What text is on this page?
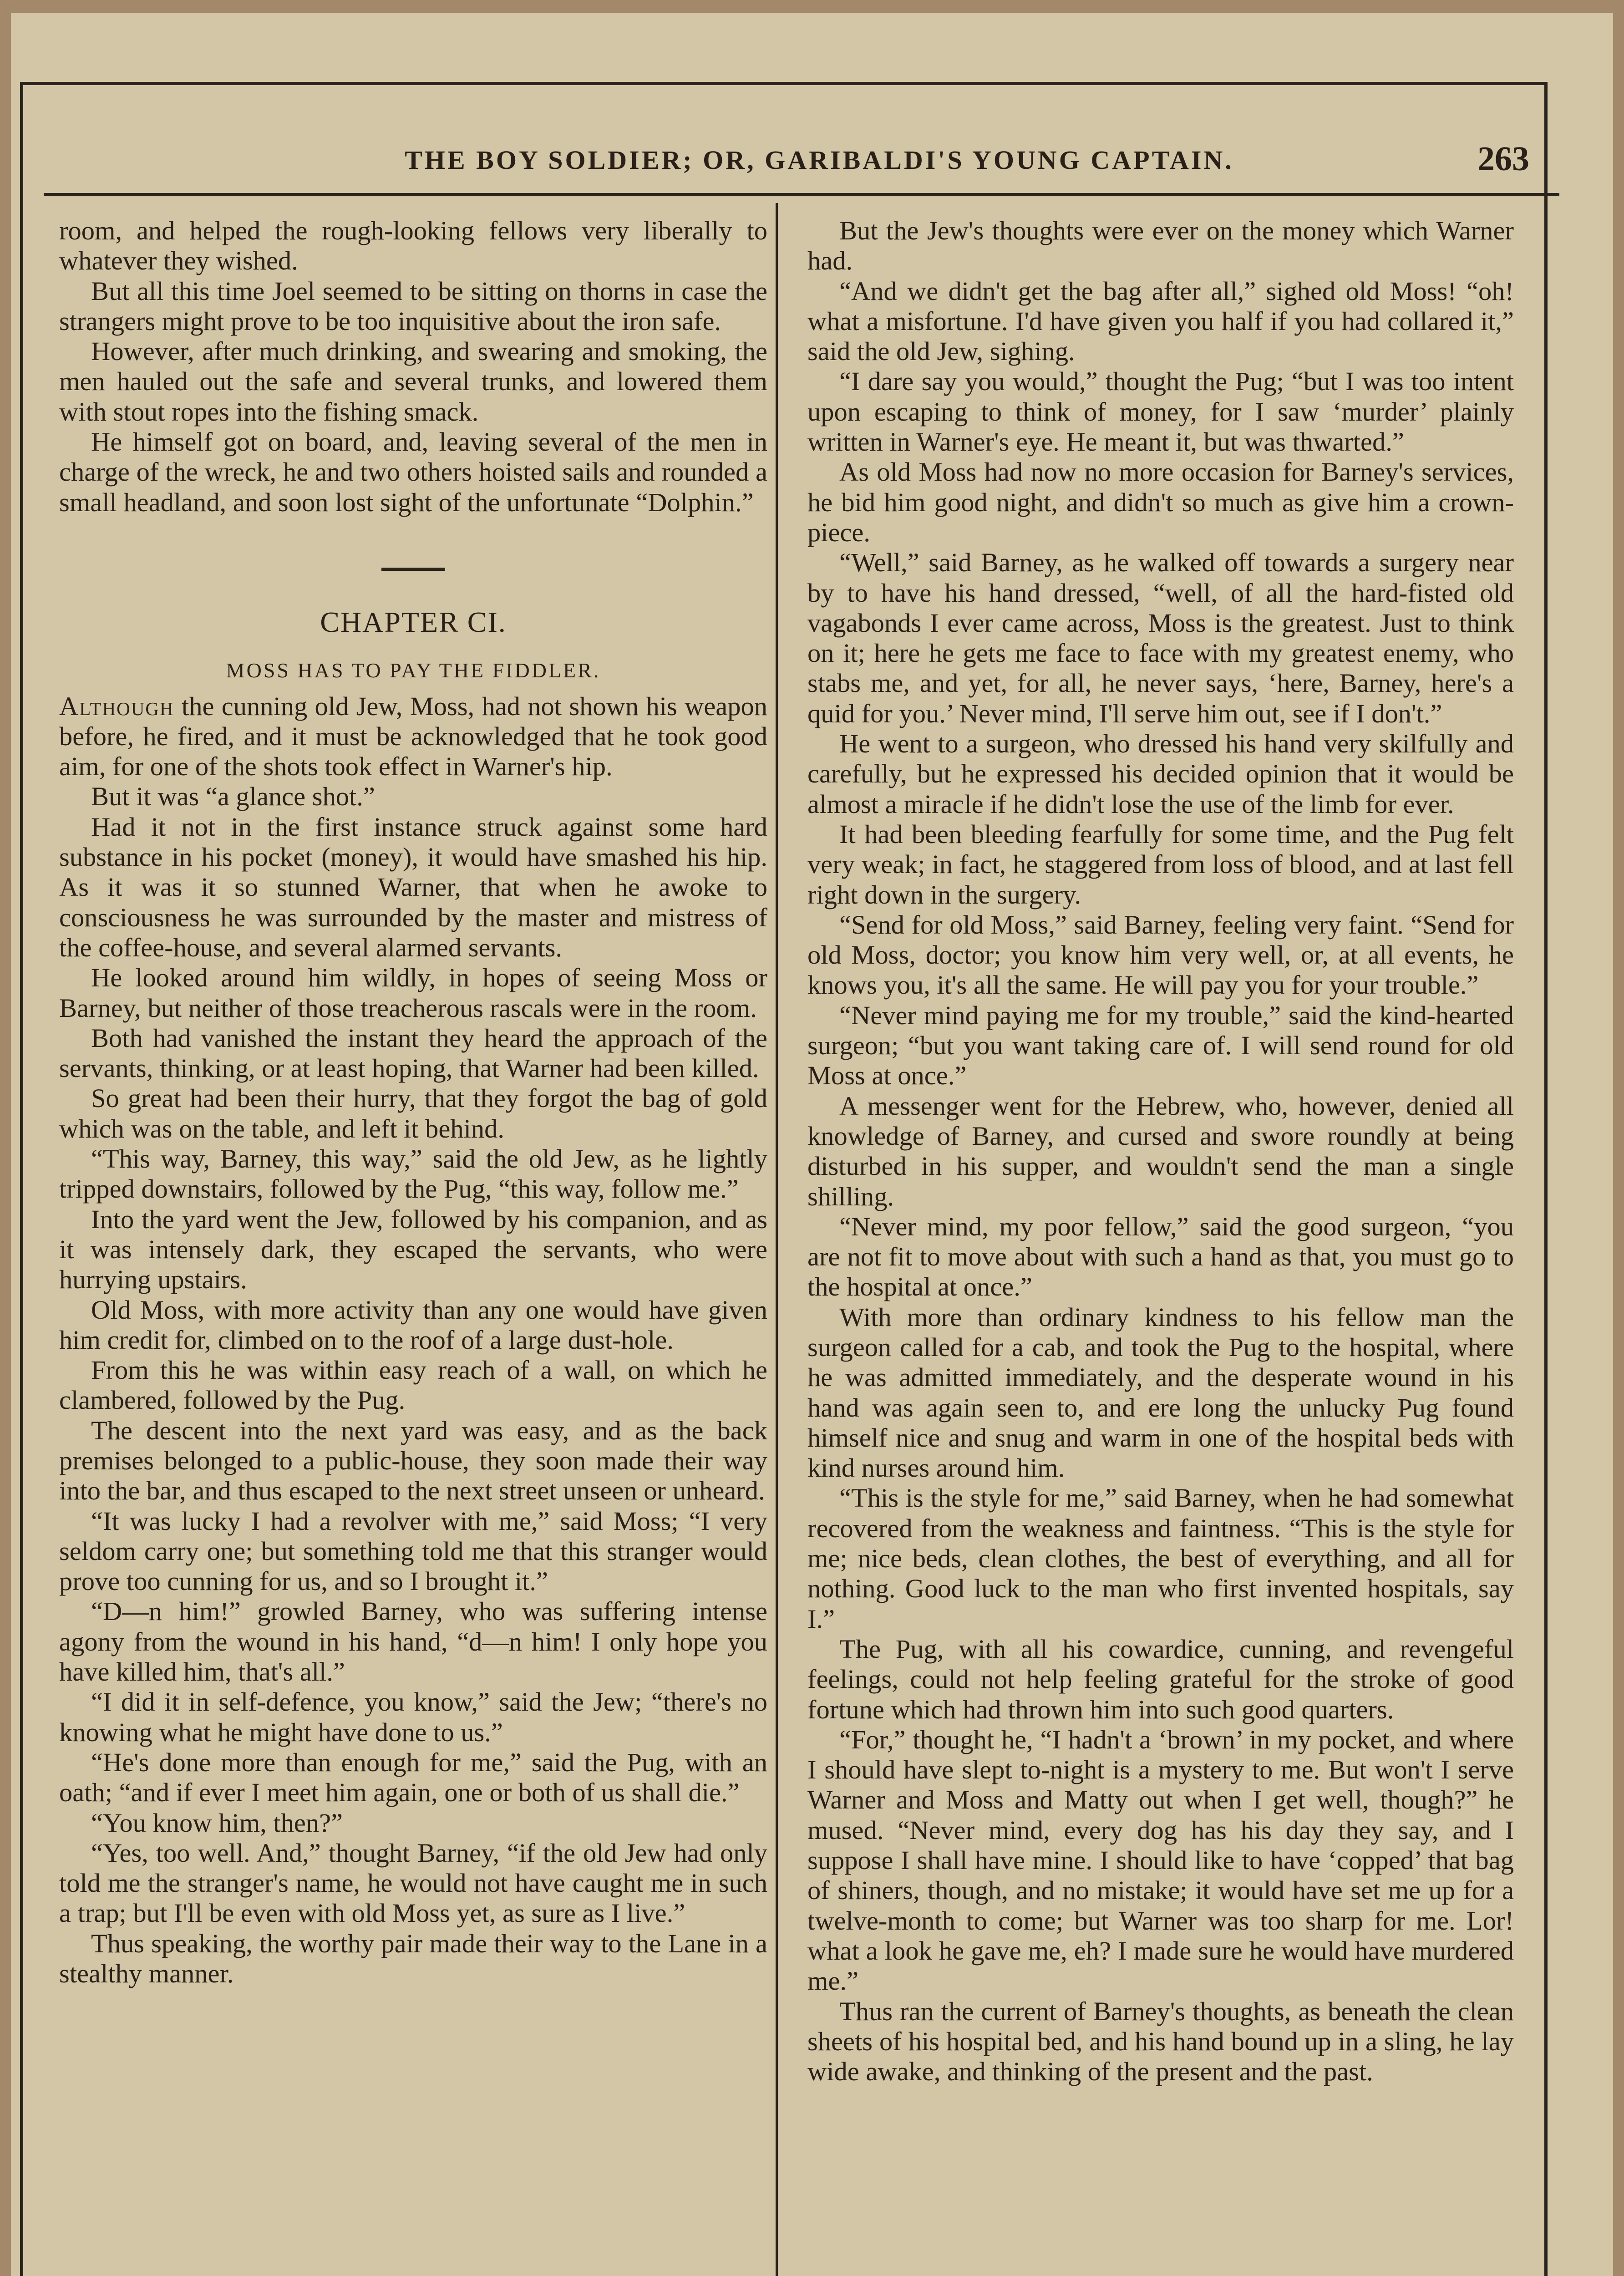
THE BOY SOLDIER; OR, GARIBALDI'S YOUNG CAPTAIN.	263

room, and helped the rough-looking fellows very liberally to whatever they wished.

But all this time Joel seemed to be sitting on thorns in case the strangers might prove to be too inquisitive about the iron safe.

However, after much drinking, and swearing and smoking, the men hauled out the safe and several trunks, and lowered them with stout ropes into the fishing smack.

He himself got on board, and, leaving several of the men in charge of the wreck, he and two others hoisted sails and rounded a small headland, and soon lost sight of the unfortunate “Dolphin.”

CHAPTER CI.
MOSS HAS TO PAY THE FIDDLER.

Although the cunning old Jew, Moss, had not shown his weapon before, he fired, and it must be acknowledged that he took good aim, for one of the shots took effect in Warner's hip.

But it was “a glance shot.”

Had it not in the first instance struck against some hard substance in his pocket (money), it would have smashed his hip. As it was it so stunned Warner, that when he awoke to consciousness he was surrounded by the master and mistress of the coffee-house, and several alarmed servants.

He looked around him wildly, in hopes of seeing Moss or Barney, but neither of those treacherous rascals were in the room.

Both had vanished the instant they heard the approach of the servants, thinking, or at least hoping, that Warner had been killed.

So great had been their hurry, that they forgot the bag of gold which was on the table, and left it behind.

“This way, Barney, this way,” said the old Jew, as he lightly tripped downstairs, followed by the Pug, “this way, follow me.”

Into the yard went the Jew, followed by his companion, and as it was intensely dark, they escaped the servants, who were hurrying upstairs.

Old Moss, with more activity than any one would have given him credit for, climbed on to the roof of a large dust-hole.

From this he was within easy reach of a wall, on which he clambered, followed by the Pug.

The descent into the next yard was easy, and as the back premises belonged to a public-house, they soon made their way into the bar, and thus escaped to the next street unseen or unheard.

“It was lucky I had a revolver with me,” said Moss; “I very seldom carry one; but something told me that this stranger would prove too cunning for us, and so I brought it.”

“D—n him!” growled Barney, who was suffering intense agony from the wound in his hand, “d—n him! I only hope you have killed him, that's all.”

“I did it in self-defence, you know,” said the Jew; “there's no knowing what he might have done to us.”

“He's done more than enough for me,” said the Pug, with an oath; “and if ever I meet him again, one or both of us shall die.”

“You know him, then?”

“Yes, too well. And,” thought Barney, “if the old Jew had only told me the stranger's name, he would not have caught me in such a trap; but I'll be even with old Moss yet, as sure as I live.”

Thus speaking, the worthy pair made their way to the Lane in a stealthy manner.

But the Jew's thoughts were ever on the money which Warner had.

“And we didn't get the bag after all,” sighed old Moss! “oh! what a misfortune. I'd have given you half if you had collared it,” said the old Jew, sighing.

“I dare say you would,” thought the Pug; “but I was too intent upon escaping to think of money, for I saw ‘murder’ plainly written in Warner's eye. He meant it, but was thwarted.”

As old Moss had now no more occasion for Barney's services, he bid him good night, and didn't so much as give him a crown-piece.

“Well,” said Barney, as he walked off towards a surgery near by to have his hand dressed, “well, of all the hard-fisted old vagabonds I ever came across, Moss is the greatest. Just to think on it; here he gets me face to face with my greatest enemy, who stabs me, and yet, for all, he never says, ‘here, Barney, here's a quid for you.’ Never mind, I'll serve him out, see if I don't.”

He went to a surgeon, who dressed his hand very skilfully and carefully, but he expressed his decided opinion that it would be almost a miracle if he didn't lose the use of the limb for ever.

It had been bleeding fearfully for some time, and the Pug felt very weak; in fact, he staggered from loss of blood, and at last fell right down in the surgery.

“Send for old Moss,” said Barney, feeling very faint. “Send for old Moss, doctor; you know him very well, or, at all events, he knows you, it's all the same. He will pay you for your trouble.”

“Never mind paying me for my trouble,” said the kind-hearted surgeon; “but you want taking care of. I will send round for old Moss at once.”

A messenger went for the Hebrew, who, however, denied all knowledge of Barney, and cursed and swore roundly at being disturbed in his supper, and wouldn't send the man a single shilling.

“Never mind, my poor fellow,” said the good surgeon, “you are not fit to move about with such a hand as that, you must go to the hospital at once.”

With more than ordinary kindness to his fellow man the surgeon called for a cab, and took the Pug to the hospital, where he was admitted immediately, and the desperate wound in his hand was again seen to, and ere long the unlucky Pug found himself nice and snug and warm in one of the hospital beds with kind nurses around him.

“This is the style for me,” said Barney, when he had somewhat recovered from the weakness and faintness. “This is the style for me; nice beds, clean clothes, the best of everything, and all for nothing. Good luck to the man who first invented hospitals, say I.”

The Pug, with all his cowardice, cunning, and revengeful feelings, could not help feeling grateful for the stroke of good fortune which had thrown him into such good quarters.

“For,” thought he, “I hadn't a ‘brown’ in my pocket, and where I should have slept to-night is a mystery to me. But won't I serve Warner and Moss and Matty out when I get well, though?” he mused. “Never mind, every dog has his day they say, and I suppose I shall have mine. I should like to have ‘copped’ that bag of shiners, though, and no mistake; it would have set me up for a twelve-month to come; but Warner was too sharp for me. Lor! what a look he gave me, eh? I made sure he would have murdered me.”

Thus ran the current of Barney's thoughts, as beneath the clean sheets of his hospital bed, and his hand bound up in a sling, he lay wide awake, and thinking of the present and the past.
